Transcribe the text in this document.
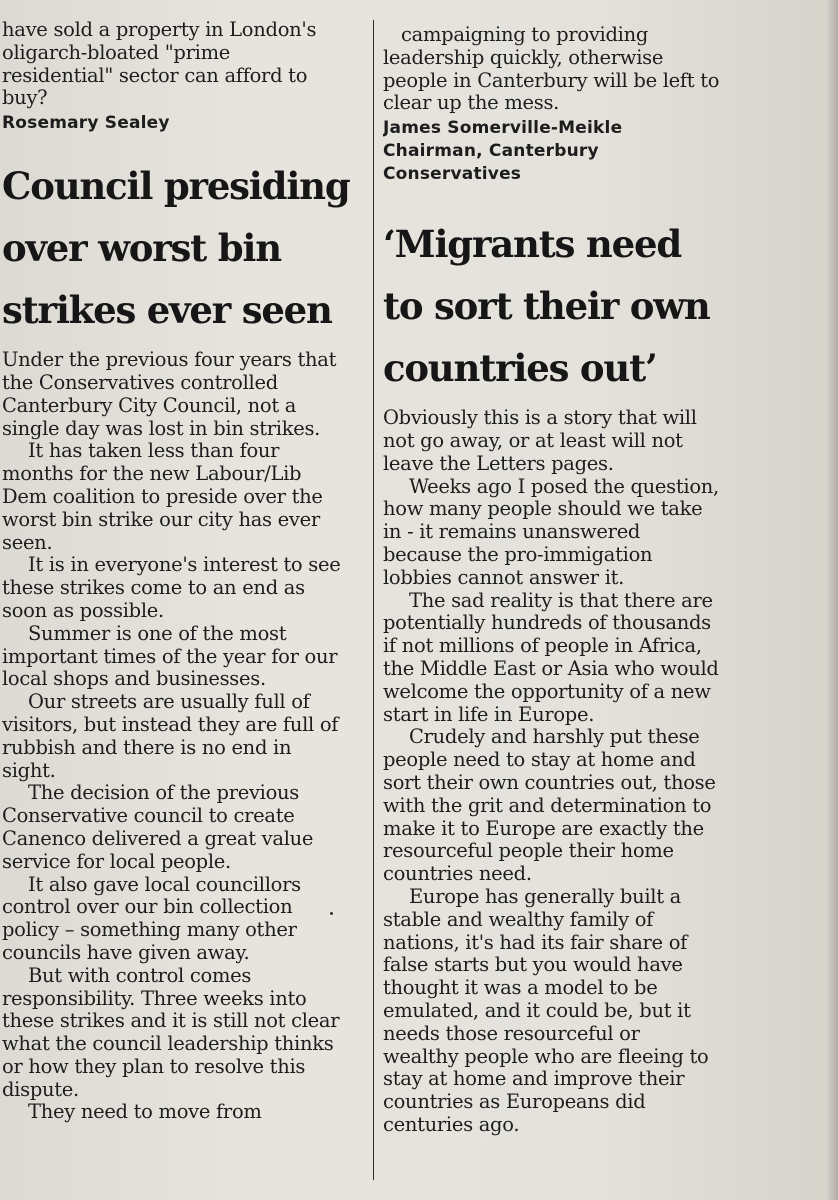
have sold a property in London's
oligarch-bloated "prime
residential" sector can afford to
buy?
Rosemary Sealey
Council presiding
over worst bin
strikes ever seen
Under the previous four years that
the Conservatives controlled
Canterbury City Council, not a
single day was lost in bin strikes.
It has taken less than four
months for the new Labour/Lib
Dem coalition to preside over the
worst bin strike our city has ever
seen.
It is in everyone's interest to see
these strikes come to an end as
soon as possible.
Summer is one of the most
important times of the year for our
local shops and businesses.
Our streets are usually full of
visitors, but instead they are full of
rubbish and there is no end in
sight.
The decision of the previous
Conservative council to create
Canenco delivered a great value
service for local people.
It also gave local councillors
control over our bin collection
policy – something many other
councils have given away.
But with control comes
responsibility. Three weeks into
these strikes and it is still not clear
what the council leadership thinks
or how they plan to resolve this
dispute.
They need to move from
campaigning to providing
leadership quickly, otherwise
people in Canterbury will be left to
clear up the mess.
James Somerville-Meikle
Chairman, Canterbury
Conservatives
‘Migrants need
to sort their own
countries out’
Obviously this is a story that will
not go away, or at least will not
leave the Letters pages.
Weeks ago I posed the question,
how many people should we take
in - it remains unanswered
because the pro-immigation
lobbies cannot answer it.
The sad reality is that there are
potentially hundreds of thousands
if not millions of people in Africa,
the Middle East or Asia who would
welcome the opportunity of a new
start in life in Europe.
Crudely and harshly put these
people need to stay at home and
sort their own countries out, those
with the grit and determination to
make it to Europe are exactly the
resourceful people their home
countries need.
Europe has generally built a
stable and wealthy family of
nations, it's had its fair share of
false starts but you would have
thought it was a model to be
emulated, and it could be, but it
needs those resourceful or
wealthy people who are fleeing to
stay at home and improve their
countries as Europeans did
centuries ago.
